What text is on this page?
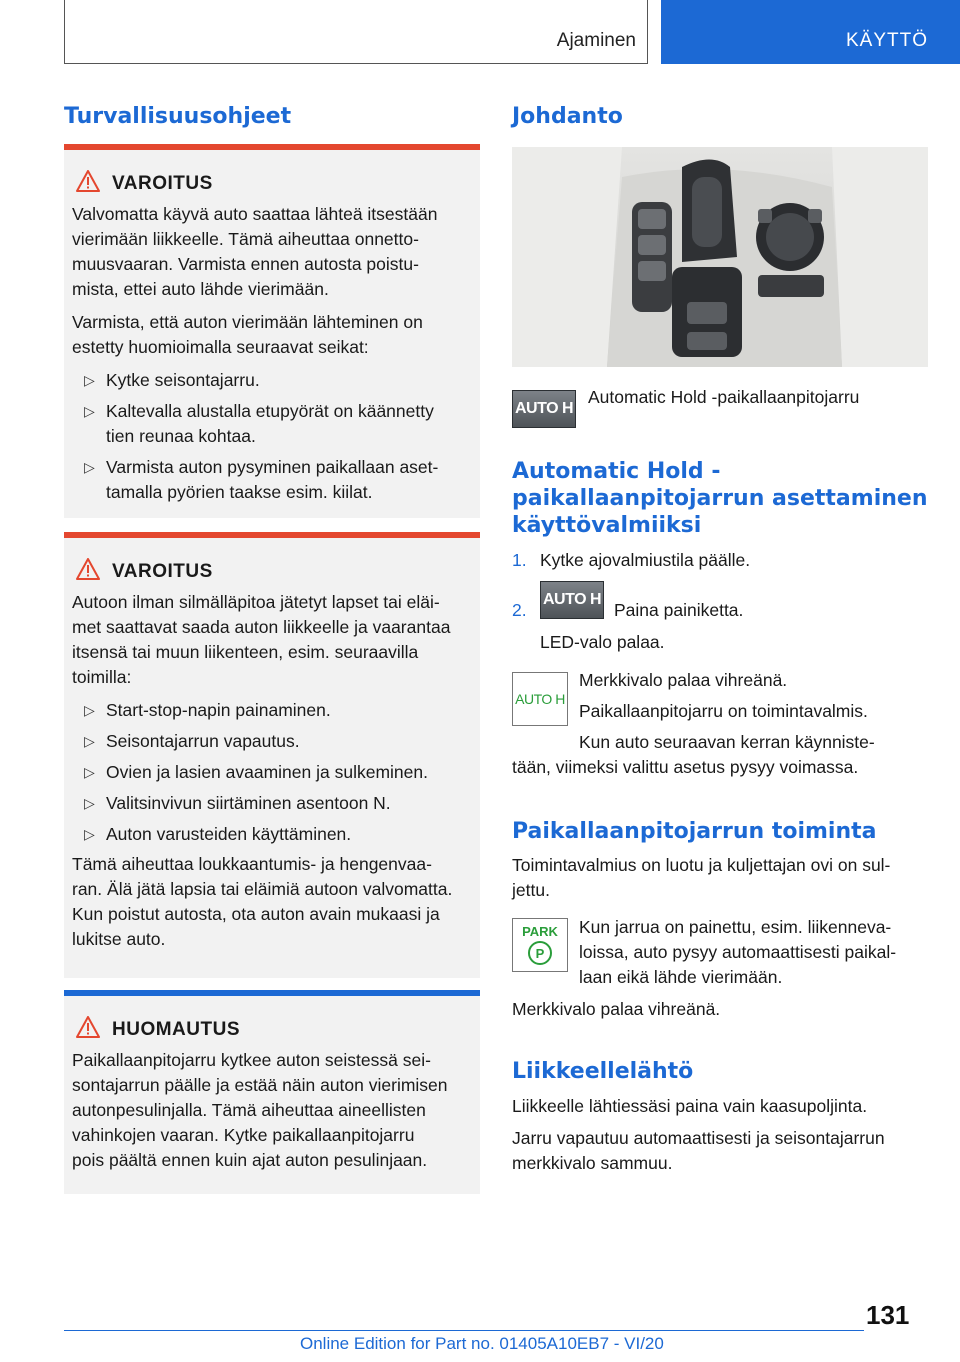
Ajaminen	KÄYTTÖ
Turvallisuusohjeet
VAROITUS
Valvomatta käyvä auto saattaa lähteä itsestään
vierimään liikkeelle. Tämä aiheuttaa onnetto-
muusvaaran. Varmista ennen autosta poistu-
mista, ettei auto lähde vierimään.
Varmista, että auton vierimään lähteminen on
estetty huomioimalla seuraavat seikat:
▷ Kytke seisontajarru.
▷ Kaltevalla alustalla etupyörät on käännetty
tien reunaa kohtaa.
▷ Varmista auton pysyminen paikallaan aset-
tamalla pyörien taakse esim. kiilat.
VAROITUS
Autoon ilman silmälläpitoa jätetyt lapset tai eläi-
met saattavat saada auton liikkeelle ja vaarantaa
itsensä tai muun liikenteen, esim. seuraavilla
toimilla:
▷ Start-stop-napin painaminen.
▷ Seisontajarrun vapautus.
▷ Ovien ja lasien avaaminen ja sulkeminen.
▷ Valitsinvivun siirtäminen asentoon N.
▷ Auton varusteiden käyttäminen.
Tämä aiheuttaa loukkaantumis- ja hengenvaa-
ran. Älä jätä lapsia tai eläimiä autoon valvomatta.
Kun poistut autosta, ota auton avain mukaasi ja
lukitse auto.
HUOMAUTUS
Paikallaanpitojarru kytkee auton seistessä sei-
sontajarrun päälle ja estää näin auton vierimisen
autonpesulinjalla. Tämä aiheuttaa aineellisten
vahinkojen vaaran. Kytke paikallaanpitojarru
pois päältä ennen kuin ajat auton pesulinjaan.
Johdanto
AUTO H
Automatic Hold -paikallaanpitojarru
Automatic Hold -
paikallaanpitojarrun asettaminen
käyttövalmiiksi
1. Kytke ajovalmiustila päälle.
2.
AUTO H
Paina painiketta.
LED-valo palaa.
AUTO H
Merkkivalo palaa vihreänä.
Paikallaanpitojarru on toimintavalmis.
Kun auto seuraavan kerran käynniste-
tään, viimeksi valittu asetus pysyy voimassa.
Paikallaanpitojarrun toiminta
Toimintavalmius on luotu ja kuljettajan ovi on sul-
jettu.
PARK
P
Kun jarrua on painettu, esim. liikenneva-
loissa, auto pysyy automaattisesti paikal-
laan eikä lähde vierimään.
Merkkivalo palaa vihreänä.
Liikkeellelähtö
Liikkeelle lähtiessäsi paina vain kaasupoljinta.
Jarru vapautuu automaattisesti ja seisontajarrun
merkkivalo sammuu.
131
Online Edition for Part no. 01405A10EB7 - VI/20
